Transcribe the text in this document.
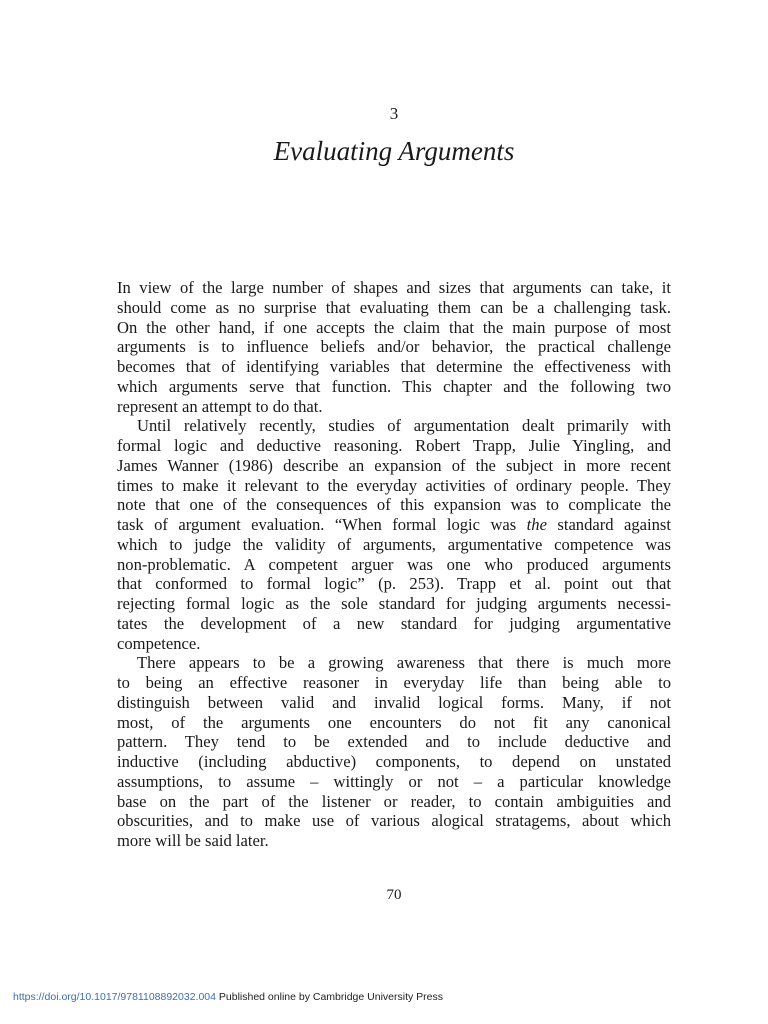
3
Evaluating Arguments
In view of the large number of shapes and sizes that arguments can take, it
should come as no surprise that evaluating them can be a challenging task.
On the other hand, if one accepts the claim that the main purpose of most
arguments is to influence beliefs and/or behavior, the practical challenge
becomes that of identifying variables that determine the effectiveness with
which arguments serve that function. This chapter and the following two
represent an attempt to do that.
Until relatively recently, studies of argumentation dealt primarily with
formal logic and deductive reasoning. Robert Trapp, Julie Yingling, and
James Wanner (1986) describe an expansion of the subject in more recent
times to make it relevant to the everyday activities of ordinary people. They
note that one of the consequences of this expansion was to complicate the
task of argument evaluation. “When formal logic was the standard against
which to judge the validity of arguments, argumentative competence was
non-problematic. A competent arguer was one who produced arguments
that conformed to formal logic” (p. 253). Trapp et al. point out that
rejecting formal logic as the sole standard for judging arguments necessi-
tates the development of a new standard for judging argumentative
competence.
There appears to be a growing awareness that there is much more
to being an effective reasoner in everyday life than being able to
distinguish between valid and invalid logical forms. Many, if not
most, of the arguments one encounters do not fit any canonical
pattern. They tend to be extended and to include deductive and
inductive (including abductive) components, to depend on unstated
assumptions, to assume – wittingly or not – a particular knowledge
base on the part of the listener or reader, to contain ambiguities and
obscurities, and to make use of various alogical stratagems, about which
more will be said later.
70
https://doi.org/10.1017/9781108892032.004 Published online by Cambridge University Press
